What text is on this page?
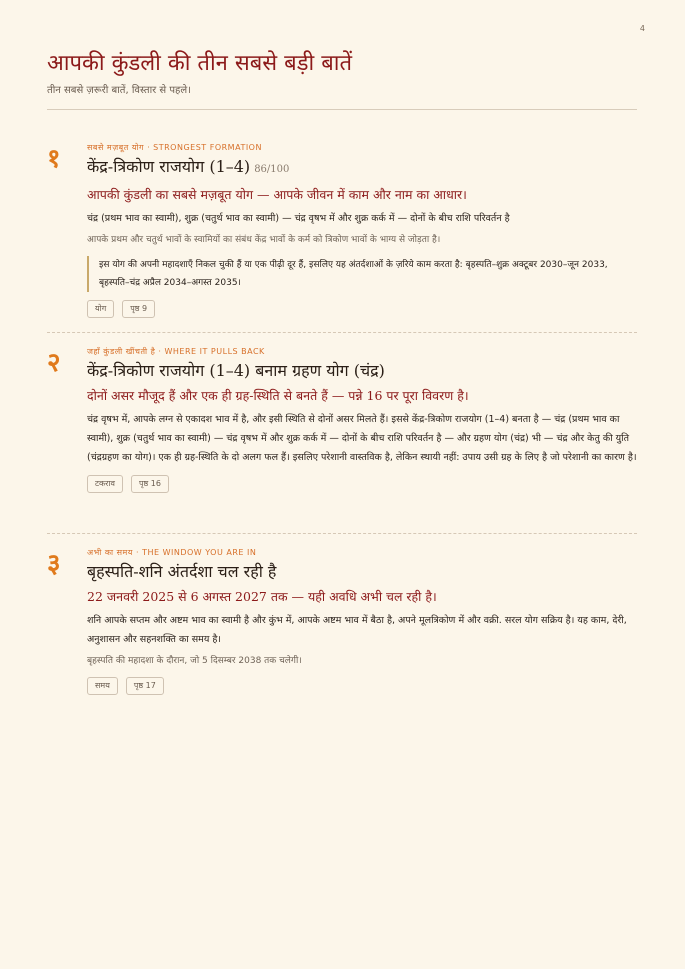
4
आपकी कुंडली की तीन सबसे बड़ी बातें
तीन सबसे ज़रूरी बातें, विस्तार से पहले।
१	सबसे मज़बूत योग · STRONGEST FORMATION
केंद्र-त्रिकोण राजयोग (1–4) 86/100
आपकी कुंडली का सबसे मज़बूत योग — आपके जीवन में काम और नाम का आधार।
चंद्र (प्रथम भाव का स्वामी), शुक्र (चतुर्थ भाव का स्वामी) — चंद्र वृषभ में और शुक्र कर्क में — दोनों के बीच राशि परिवर्तन है
आपके प्रथम और चतुर्थ भावों के स्वामियों का संबंध केंद्र भावों के कर्म को त्रिकोण भावों के भाग्य से जोड़ता है।
इस योग की अपनी महादशाएँ निकल चुकी हैं या एक पीढ़ी दूर हैं, इसलिए यह अंतर्दशाओं के ज़रिये काम करता है: बृहस्पति–शुक्र अक्टूबर 2030–जून 2033, बृहस्पति–चंद्र अप्रैल 2034–अगस्त 2035।
योग	पृष्ठ 9
२	जहाँ कुंडली खींचती है · WHERE IT PULLS BACK
केंद्र-त्रिकोण राजयोग (1–4) बनाम ग्रहण योग (चंद्र)
दोनों असर मौजूद हैं और एक ही ग्रह-स्थिति से बनते हैं — पन्ने 16 पर पूरा विवरण है।
चंद्र वृषभ में, आपके लग्न से एकादश भाव में है, और इसी स्थिति से दोनों असर मिलते हैं। इससे केंद्र-त्रिकोण राजयोग (1–4) बनता है — चंद्र (प्रथम भाव का स्वामी), शुक्र (चतुर्थ भाव का स्वामी) — चंद्र वृषभ में और शुक्र कर्क में — दोनों के बीच राशि परिवर्तन है — और ग्रहण योग (चंद्र) भी — चंद्र और केतु की युति (चंद्रग्रहण का योग)। एक ही ग्रह-स्थिति के दो अलग फल हैं। इसलिए परेशानी वास्तविक है, लेकिन स्थायी नहीं: उपाय उसी ग्रह के लिए है जो परेशानी का कारण है।
टकराव	पृष्ठ 16
३	अभी का समय · THE WINDOW YOU ARE IN
बृहस्पति-शनि अंतर्दशा चल रही है
22 जनवरी 2025 से 6 अगस्त 2027 तक — यही अवधि अभी चल रही है।
शनि आपके सप्तम और अष्टम भाव का स्वामी है और कुंभ में, आपके अष्टम भाव में बैठा है, अपने मूलत्रिकोण में और वक्री. सरल योग सक्रिय है। यह काम, देरी, अनुशासन और सहनशक्ति का समय है।
बृहस्पति की महादशा के दौरान, जो 5 दिसम्बर 2038 तक चलेगी।
समय	पृष्ठ 17
